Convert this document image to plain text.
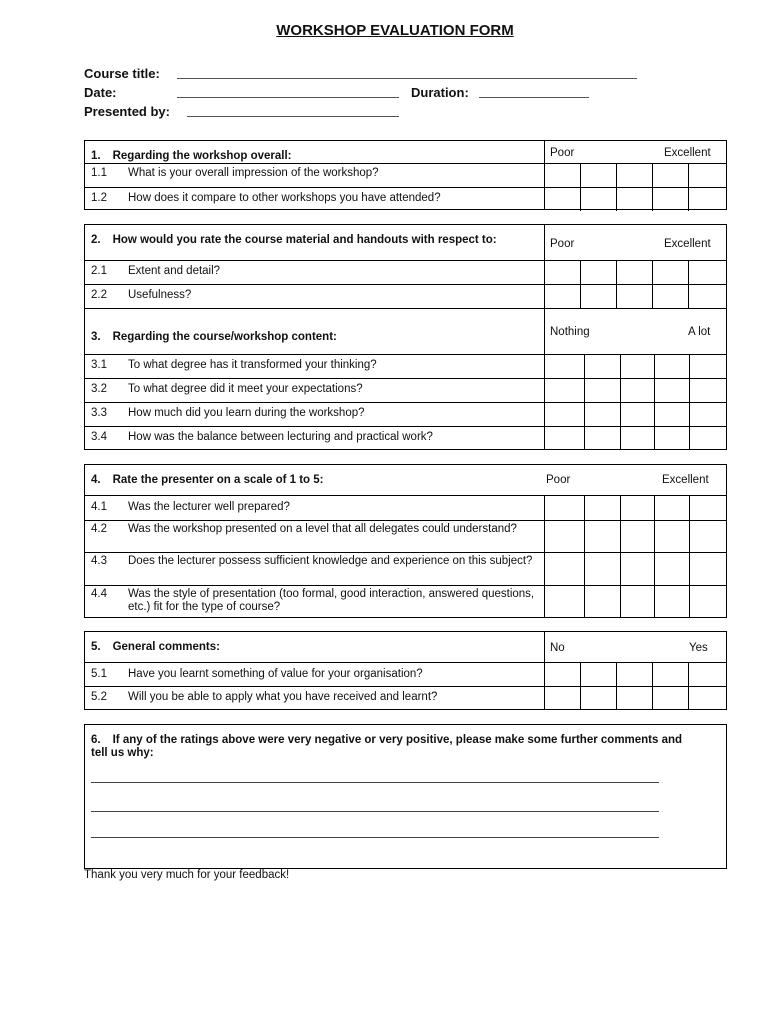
WORKSHOP EVALUATION FORM
Course title:
Date:	Duration:
Presented by:
1. Regarding the workshop overall:	Poor	Excellent
1.1 What is your overall impression of the workshop?
1.2 How does it compare to other workshops you have attended?
2. How would you rate the course material and handouts with respect to:	Poor	Excellent
2.1 Extent and detail?
2.2 Usefulness?
3. Regarding the course/workshop content:	Nothing	A lot
3.1 To what degree has it transformed your thinking?
3.2 To what degree did it meet your expectations?
3.3 How much did you learn during the workshop?
3.4 How was the balance between lecturing and practical work?
4. Rate the presenter on a scale of 1 to 5:	Poor	Excellent
4.1 Was the lecturer well prepared?
4.2 Was the workshop presented on a level that all delegates could understand?
4.3 Does the lecturer possess sufficient knowledge and experience on this subject?
4.4 Was the style of presentation (too formal, good interaction, answered questions, etc.) fit for the type of course?
5. General comments:	No	Yes
5.1 Have you learnt something of value for your organisation?
5.2 Will you be able to apply what you have received and learnt?
6. If any of the ratings above were very negative or very positive, please make some further comments and tell us why:
Thank you very much for your feedback!
